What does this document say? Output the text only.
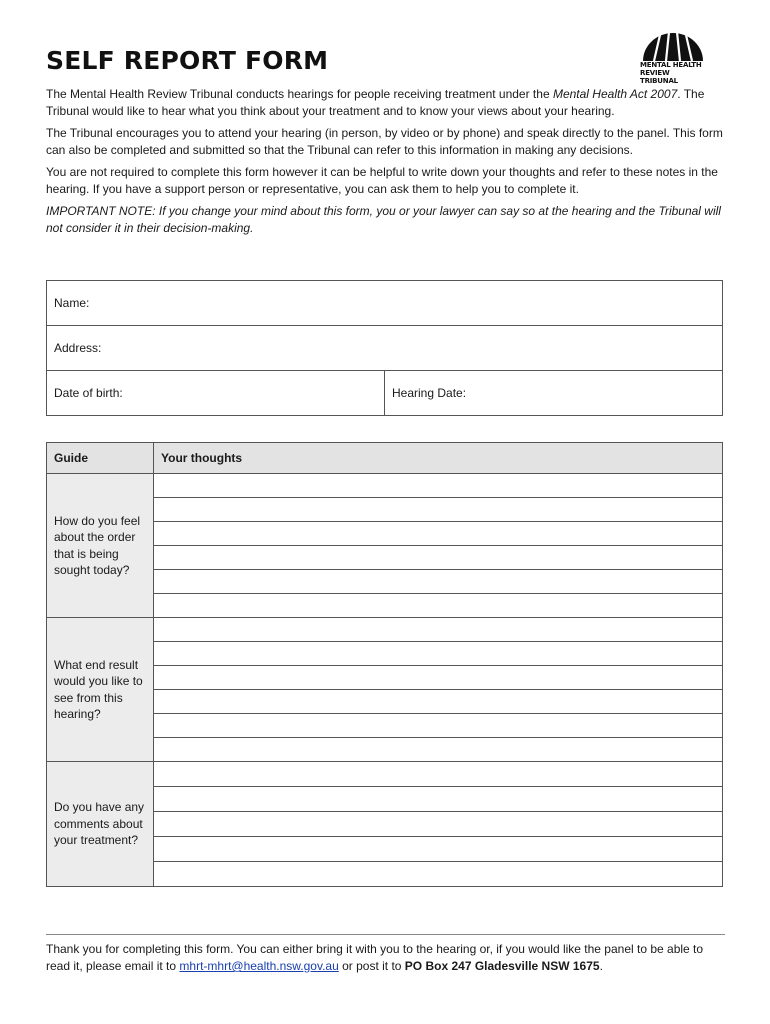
SELF REPORT FORM	MENTAL HEALTH
REVIEW TRIBUNAL

The Mental Health Review Tribunal conducts hearings for people receiving treatment under the Mental Health Act 2007. The Tribunal would like to hear what you think about your treatment and to know your views about your hearing.

The Tribunal encourages you to attend your hearing (in person, by video or by phone) and speak directly to the panel. This form can also be completed and submitted so that the Tribunal can refer to this information in making any decisions.

You are not required to complete this form however it can be helpful to write down your thoughts and refer to these notes in the hearing. If you have a support person or representative, you can ask them to help you to complete it.

IMPORTANT NOTE: If you change your mind about this form, you or your lawyer can say so at the hearing and the Tribunal will not consider it in their decision-making.

Name:
Address:
Date of birth:	Hearing Date:
Guide	Your thoughts
How do you feel about the order that is being sought today?	

What end result would you like to see from this hearing?	

Do you have any comments about your treatment?	

Thank you for completing this form. You can either bring it with you to the hearing or, if you would like the panel to be able to read it, please email it to mhrt-mhrt@health.nsw.gov.au or post it to PO Box 247 Gladesville NSW 1675.
